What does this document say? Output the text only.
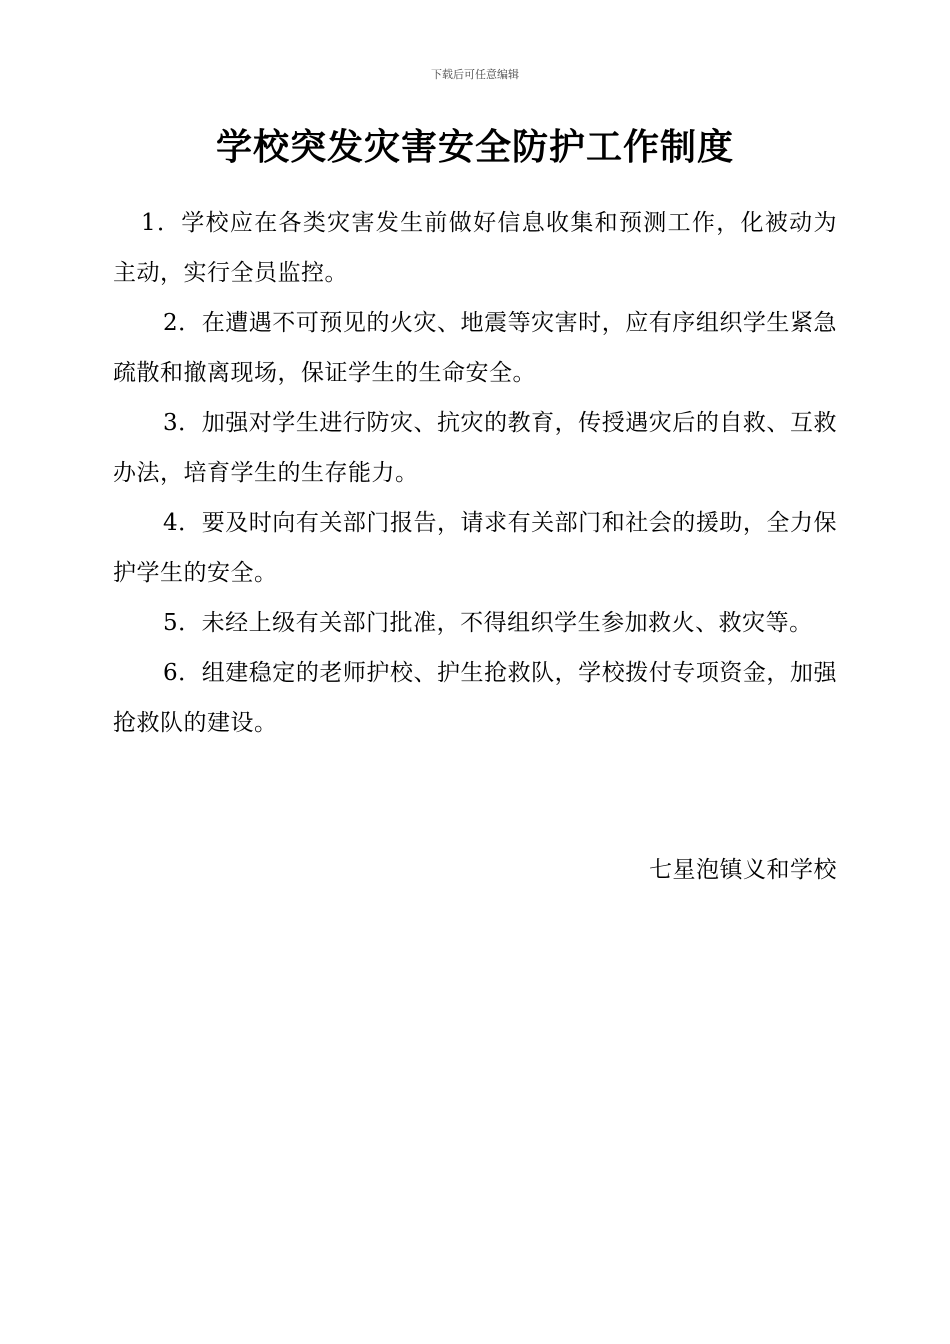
下载后可任意编辑
学校突发灾害安全防护工作制度

1．学校应在各类灾害发生前做好信息收集和预测工作，化被动为主动，实行全员监控。

2．在遭遇不可预见的火灾、地震等灾害时，应有序组织学生紧急疏散和撤离现场，保证学生的生命安全。

3．加强对学生进行防灾、抗灾的教育，传授遇灾后的自救、互救办法，培育学生的生存能力。

4．要及时向有关部门报告，请求有关部门和社会的援助，全力保护学生的安全。

5．未经上级有关部门批准，不得组织学生参加救火、救灾等。

6．组建稳定的老师护校、护生抢救队，学校拨付专项资金，加强抢救队的建设。

七星泡镇义和学校
